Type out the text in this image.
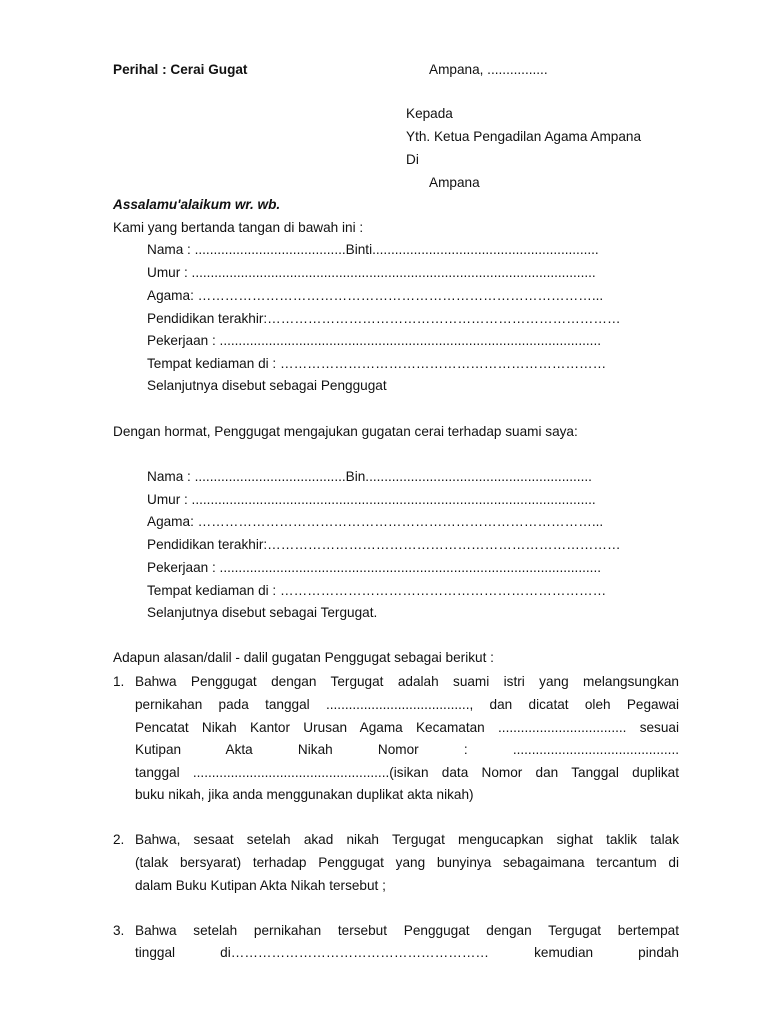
Perihal : Cerai Gugat	Ampana, ................
Kepada
Yth. Ketua Pengadilan Agama Ampana
Di
Ampana
Assalamu'alaikum wr. wb.
Kami yang bertanda tangan di bawah ini :
Nama : ........................................Binti............................................................
Umur : ...........................................................................................................
Agama: ……………………………………………………………………………...
Pendidikan terakhir:……………………………………………………………………
Pekerjaan : .....................................................................................................
Tempat kediaman di : ………………………………………………………………
Selanjutnya disebut sebagai Penggugat
Dengan hormat, Penggugat mengajukan gugatan cerai terhadap suami saya:
Nama : ........................................Bin............................................................
Umur : ...........................................................................................................
Agama: ……………………………………………………………………………...
Pendidikan terakhir:……………………………………………………………………
Pekerjaan : .....................................................................................................
Tempat kediaman di : ………………………………………………………………
Selanjutnya disebut sebagai Tergugat.
Adapun alasan/dalil - dalil gugatan Penggugat sebagai berikut :
1. Bahwa Penggugat dengan Tergugat adalah suami istri yang melangsungkan
pernikahan pada tanggal ......................................, dan dicatat oleh Pegawai
Pencatat Nikah Kantor Urusan Agama Kecamatan .................................. sesuai
Kutipan Akta Nikah Nomor : ............................................
tanggal ....................................................(isikan data Nomor dan Tanggal duplikat
buku nikah, jika anda menggunakan duplikat akta nikah)
2. Bahwa, sesaat setelah akad nikah Tergugat mengucapkan sighat taklik talak
(talak bersyarat) terhadap Penggugat yang bunyinya sebagaimana tercantum di
dalam Buku Kutipan Akta Nikah tersebut ;
3. Bahwa setelah pernikahan tersebut Penggugat dengan Tergugat bertempat
tinggal di………………………………………………… kemudian pindah
